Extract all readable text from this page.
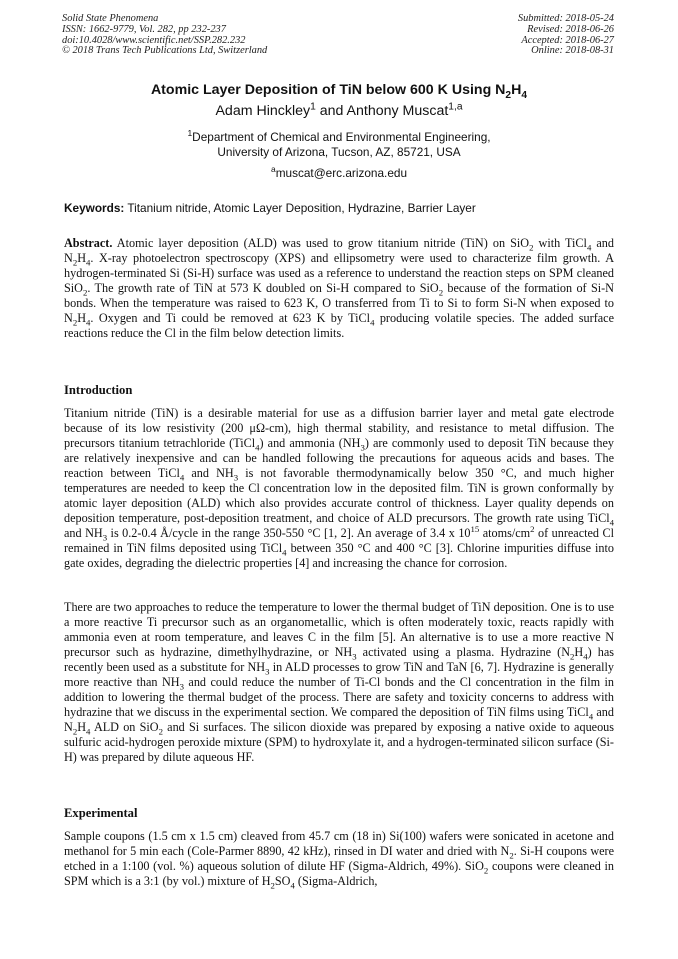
Solid State Phenomena
ISSN: 1662-9779, Vol. 282, pp 232-237
doi:10.4028/www.scientific.net/SSP.282.232
© 2018 Trans Tech Publications Ltd, Switzerland
Submitted: 2018-05-24
Revised: 2018-06-26
Accepted: 2018-06-27
Online: 2018-08-31
Atomic Layer Deposition of TiN below 600 K Using $N_2H_4$
Adam Hinckley$^1$ and Anthony Muscat$^{1,a}$
$^1$Department of Chemical and Environmental Engineering,
University of Arizona, Tucson, AZ, 85721, USA
$^a$muscat@erc.arizona.edu
Keywords: Titanium nitride, Atomic Layer Deposition, Hydrazine, Barrier Layer
Abstract. Atomic layer deposition (ALD) was used to grow titanium nitride (TiN) on SiO$_2$ with TiCl$_4$ and $N_2H_4$. X-ray photoelectron spectroscopy (XPS) and ellipsometry were used to characterize film growth. A hydrogen-terminated Si (Si-H) surface was used as a reference to understand the reaction steps on SPM cleaned SiO$_2$. The growth rate of TiN at 573 K doubled on Si-H compared to SiO$_2$ because of the formation of Si-N bonds. When the temperature was raised to 623 K, O transferred from Ti to Si to form Si-N when exposed to $N_2H_4$. Oxygen and Ti could be removed at 623 K by TiCl$_4$ producing volatile species. The added surface reactions reduce the Cl in the film below detection limits.
Introduction
Titanium nitride (TiN) is a desirable material for use as a diffusion barrier layer and metal gate electrode because of its low resistivity (200 μΩ-cm), high thermal stability, and resistance to metal diffusion. The precursors titanium tetrachloride (TiCl$_4$) and ammonia $(NH_3)$ are commonly used to deposit TiN because they are relatively inexpensive and can be handled following the precautions for aqueous acids and bases. The reaction between TiCl$_4$ and $NH_3$ is not favorable thermodynamically below 350 °C, and much higher temperatures are needed to keep the Cl concentration low in the deposited film. TiN is grown conformally by atomic layer deposition (ALD) which also provides accurate control of thickness. Layer quality depends on deposition temperature, post-deposition treatment, and choice of ALD precursors. The growth rate using TiCl$_4$ and $NH_3$ is 0.2-0.4 Å/cycle in the range 350-550 °C [1, 2]. An average of 3.4 x $10^{15}$ atoms/$cm^2$ of unreacted Cl remained in TiN films deposited using TiCl$_4$ between 350 °C and 400 °C [3]. Chlorine impurities diffuse into gate oxides, degrading the dielectric properties [4] and increasing the chance for corrosion.
There are two approaches to reduce the temperature to lower the thermal budget of TiN deposition. One is to use a more reactive Ti precursor such as an organometallic, which is often moderately toxic, reacts rapidly with ammonia even at room temperature, and leaves C in the film [5]. An alternative is to use a more reactive N precursor such as hydrazine, dimethylhydrazine, or $NH_3$ activated using a plasma. Hydrazine $(N_2H_4)$ has recently been used as a substitute for $NH_3$ in ALD processes to grow TiN and TaN [6, 7]. Hydrazine is generally more reactive than $NH_3$ and could reduce the number of Ti-Cl bonds and the Cl concentration in the film in addition to lowering the thermal budget of the process. There are safety and toxicity concerns to address with hydrazine that we discuss in the experimental section. We compared the deposition of TiN films using TiCl$_4$ and $N_2H_4$ ALD on SiO$_2$ and Si surfaces. The silicon dioxide was prepared by exposing a native oxide to aqueous sulfuric acid-hydrogen peroxide mixture (SPM) to hydroxylate it, and a hydrogen-terminated silicon surface (Si-H) was prepared by dilute aqueous HF.
Experimental
Sample coupons (1.5 cm x 1.5 cm) cleaved from 45.7 cm (18 in) Si(100) wafers were sonicated in acetone and methanol for 5 min each (Cole-Parmer 8890, 42 kHz), rinsed in DI water and dried with $N_2$. Si-H coupons were etched in a 1:100 (vol. %) aqueous solution of dilute HF (Sigma-Aldrich, 49%). SiO$_2$ coupons were cleaned in SPM which is a 3:1 (by vol.) mixture of $H_2SO_4$ (Sigma-Aldrich,
